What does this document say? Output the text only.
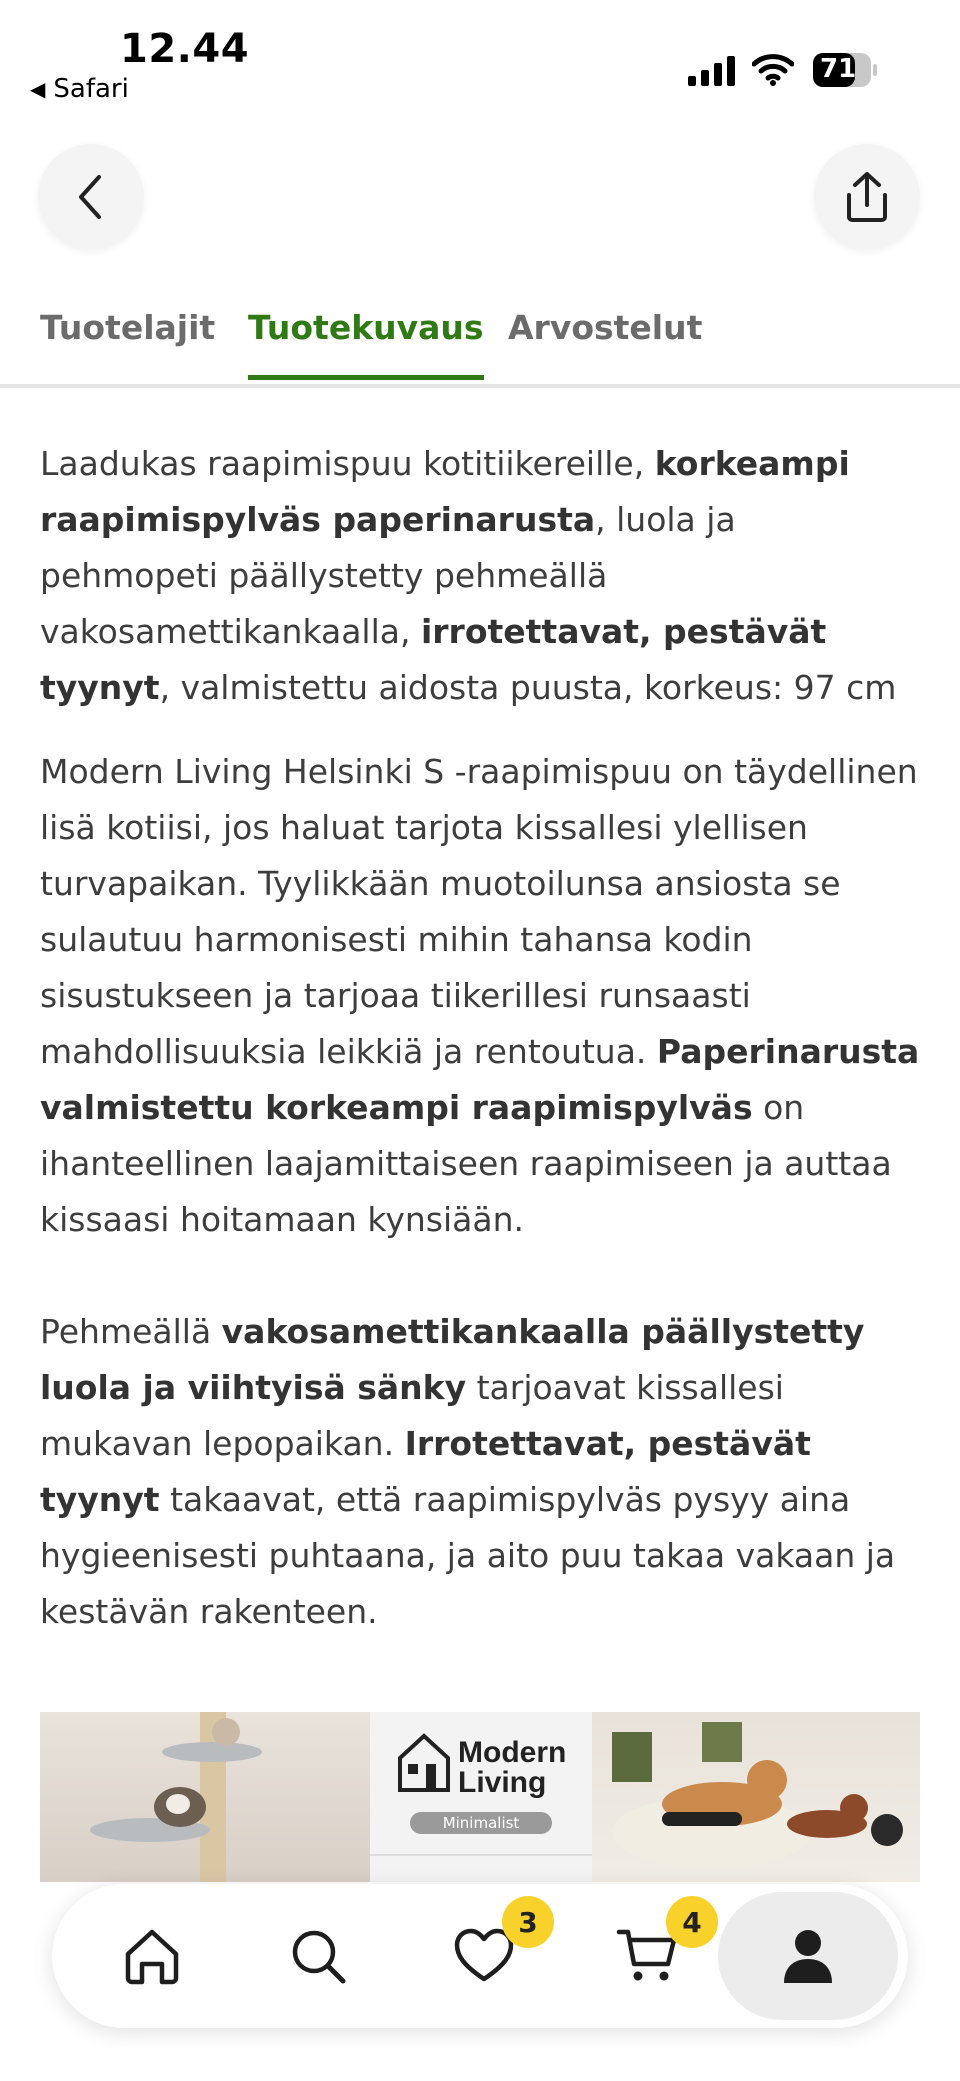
12.44
◀ Safari
71
Tuotelajit Tuotekuvaus Arvostelut

Laadukas raapimispuu kotitiikereille, korkeampi raapimispylväs paperinarusta, luola ja pehmopeti päällystetty pehmeällä vakosamettikankaalla, irrotettavat, pestävät tyynyt, valmistettu aidosta puusta, korkeus: 97 cm

Modern Living Helsinki S -raapimispuu on täydellinen lisä kotiisi, jos haluat tarjota kissallesi ylellisen turvapaikan. Tyylikkään muotoilunsa ansiosta se sulautuu harmonisesti mihin tahansa kodin sisustukseen ja tarjoaa tiikerillesi runsaasti mahdollisuuksia leikkiä ja rentoutua. Paperinarusta valmistettu korkeampi raapimispylväs on ihanteellinen laajamittaiseen raapimiseen ja auttaa kissaasi hoitamaan kynsiään.

Pehmeällä vakosamettikankaalla päällystetty luola ja viihtyisä sänky tarjoavat kissallesi mukavan lepopaikan. Irrotettavat, pestävät tyynyt takaavat, että raapimispylväs pysyy aina hygieenisesti puhtaana, ja aito puu takaa vakaan ja kestävän rakenteen.

Modern
Living
Minimalist
3	4
